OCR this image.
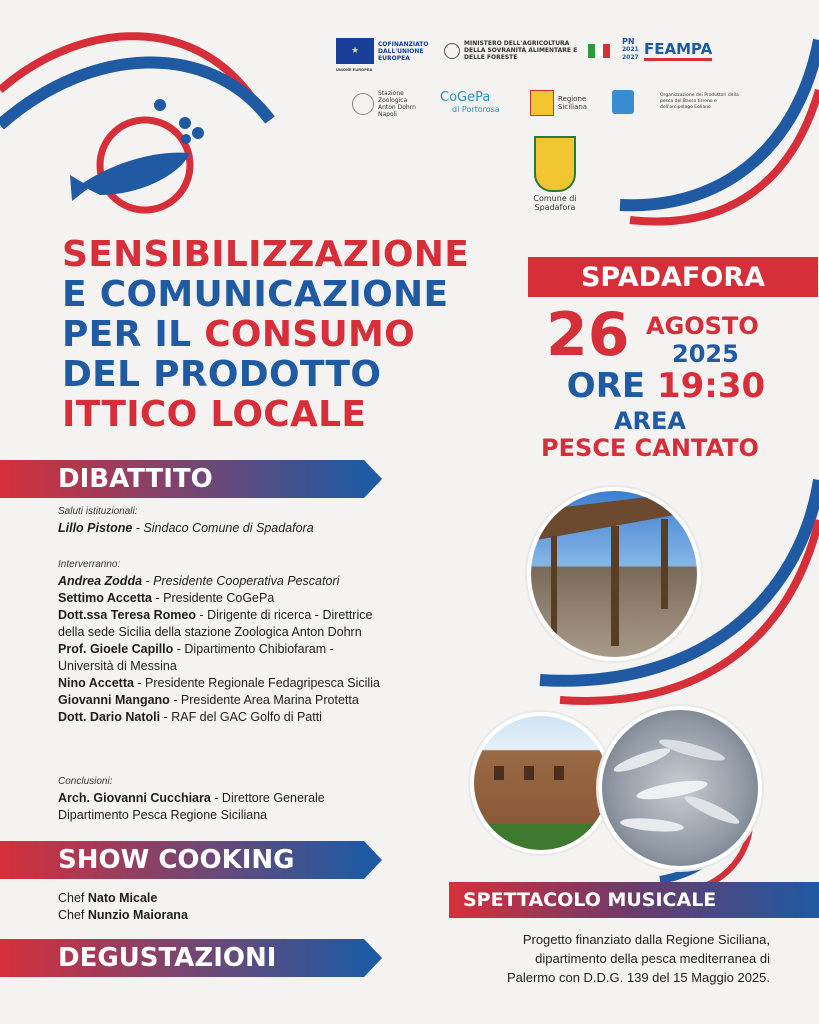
★
COFINANZIATO DALL'UNIONE EUROPEA
UNIONE EUROPEA
MINISTERO DELL'AGRICOLTURA DELLA SOVRANITÀ ALIMENTARE E DELLE FORESTE
PN
2021 2027 FEAMPA
Stazione Zoologica Anton Dohrn Napoli
CoGePa
di Portorosa
Regione Siciliana
Organizzazione dei Produttori della pesca del Basso tirreno e dell'arcipelago Eoliano
Comune di Spadafora
SENSIBILIZZAZIONE
E COMUNICAZIONE
PER IL CONSUMO
DEL PRODOTTO
ITTICO LOCALE
SPADAFORA
26 AGOSTO
2025
ORE 19:30
AREA
PESCE CANTATO
DIBATTITO
Saluti istituzionali:
Lillo Pistone - Sindaco Comune di Spadafora
Interverranno:
Andrea Zodda - Presidente Cooperativa Pescatori
Settimo Accetta - Presidente CoGePa
Dott.ssa Teresa Romeo - Dirigente di ricerca - Direttrice
della sede Sicilia della stazione Zoologica Anton Dohrn
Prof. Gioele Capillo - Dipartimento Chibiofaram -
Università di Messina
Nino Accetta - Presidente Regionale Fedagripesca Sicilia
Giovanni Mangano - Presidente Area Marina Protetta
Dott. Dario Natoli - RAF del GAC Golfo di Patti
Conclusioni:
Arch. Giovanni Cucchiara - Direttore Generale
Dipartimento Pesca Regione Siciliana
SHOW COOKING
Chef Nato Micale
Chef Nunzio Maiorana
DEGUSTAZIONI
SPETTACOLO MUSICALE
Progetto finanziato dalla Regione Siciliana,
dipartimento della pesca mediterranea di
Palermo con D.D.G. 139 del 15 Maggio 2025.
